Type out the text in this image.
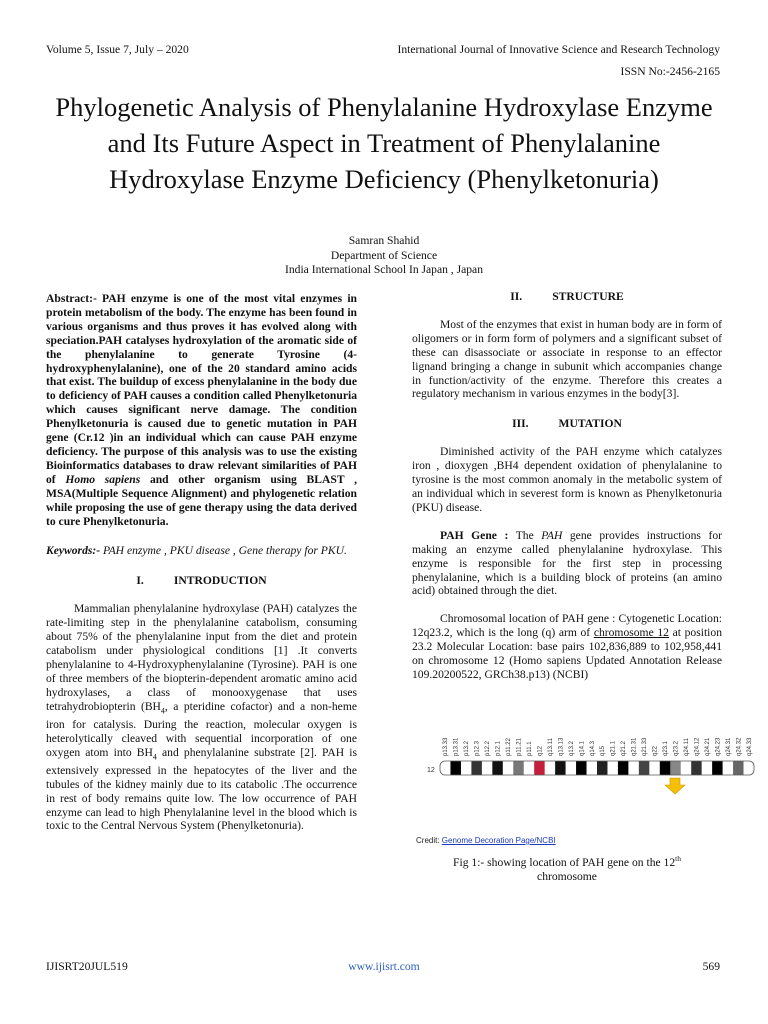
Volume 5, Issue 7, July – 2020	International Journal of Innovative Science and Research Technology
ISSN No:-2456-2165
Phylogenetic Analysis of Phenylalanine Hydroxylase Enzyme and Its Future Aspect in Treatment of Phenylalanine Hydroxylase Enzyme Deficiency (Phenylketonuria)
Samran Shahid
Department of Science
India International School In Japan , Japan

Abstract:- PAH enzyme is one of the most vital enzymes in protein metabolism of the body. The enzyme has been found in various organisms and thus proves it has evolved along with speciation.PAH catalyses hydroxylation of the aromatic side of the phenylalanine to generate Tyrosine (4-hydroxyphenylalanine), one of the 20 standard amino acids that exist. The buildup of excess phenylalanine in the body due to deficiency of PAH causes a condition called Phenylketonuria which causes significant nerve damage. The condition Phenylketonuria is caused due to genetic mutation in PAH gene (Cr.12 )in an individual which can cause PAH enzyme deficiency. The purpose of this analysis was to use the existing Bioinformatics databases to draw relevant similarities of PAH of Homo sapiens and other organism using BLAST , MSA(Multiple Sequence Alignment) and phylogenetic relation while proposing the use of gene therapy using the data derived to cure Phenylketonuria.

Keywords:- PAH enzyme , PKU disease , Gene therapy for PKU.

I.	INTRODUCTION

Mammalian phenylalanine hydroxylase (PAH) catalyzes the rate-limiting step in the phenylalanine catabolism, consuming about 75% of the phenylalanine input from the diet and protein catabolism under physiological conditions [1] .It converts phenylalanine to 4-Hydroxyphenylalanine (Tyrosine). PAH is one of three members of the biopterin-dependent aromatic amino acid hydroxylases, a class of monooxygenase that uses tetrahydrobiopterin ($BH_4$, a pteridine cofactor) and a non-heme iron for catalysis. During the reaction, molecular oxygen is heterolytically cleaved with sequential incorporation of one oxygen atom into $BH_4$ and phenylalanine substrate [2]. PAH is extensively expressed in the hepatocytes of the liver and the tubules of the kidney mainly due to its catabolic .The occurrence in rest of body remains quite low. The low occurrence of PAH enzyme can lead to high Phenylalanine level in the blood which is toxic to the Central Nervous System (Phenylketonuria).

II.	STRUCTURE

Most of the enzymes that exist in human body are in form of oligomers or in form form of polymers and a significant subset of these can disassociate or associate in response to an effector lignand bringing a change in subunit which accompanies change in function/activity of the enzyme. Therefore this creates a regulatory mechanism in various enzymes in the body[3].

III.	MUTATION

Diminished activity of the PAH enzyme which catalyzes iron , dioxygen ,BH4 dependent oxidation of phenylalanine to tyrosine is the most common anomaly in the metabolic system of an individual which in severest form is known as Phenylketonuria (PKU) disease.

PAH Gene : The PAH gene provides instructions for making an enzyme called phenylalanine hydroxylase. This enzyme is responsible for the first step in processing phenylalanine, which is a building block of proteins (an amino acid) obtained through the diet.

Chromosomal location of PAH gene : Cytogenetic Location: 12q23.2, which is the long (q) arm of chromosome 12 at position 23.2 Molecular Location: base pairs 102,836,889 to 102,958,441 on chromosome 12 (Homo sapiens Updated Annotation Release 109.20200522, GRCh38.p13) (NCBI)

12
p13.33 p13.31 p13.2 p12.3 p12.2 p12.1 p11.22 p11.21 p11.1 q12 q13.11 q13.13 q13.2 q14.1 q14.3 q15 q21.1 q21.2 q21.31 q21.33 q22 q23.1 q23.2 q24.11 q24.12 q24.21 q24.23 q24.31 q24.32 q24.33
Credit: Genome Decoration Page/NCBI
Fig 1:- showing location of PAH gene on the 12th
chromosome
IJISRT20JUL519	www.ijisrt.com	569
